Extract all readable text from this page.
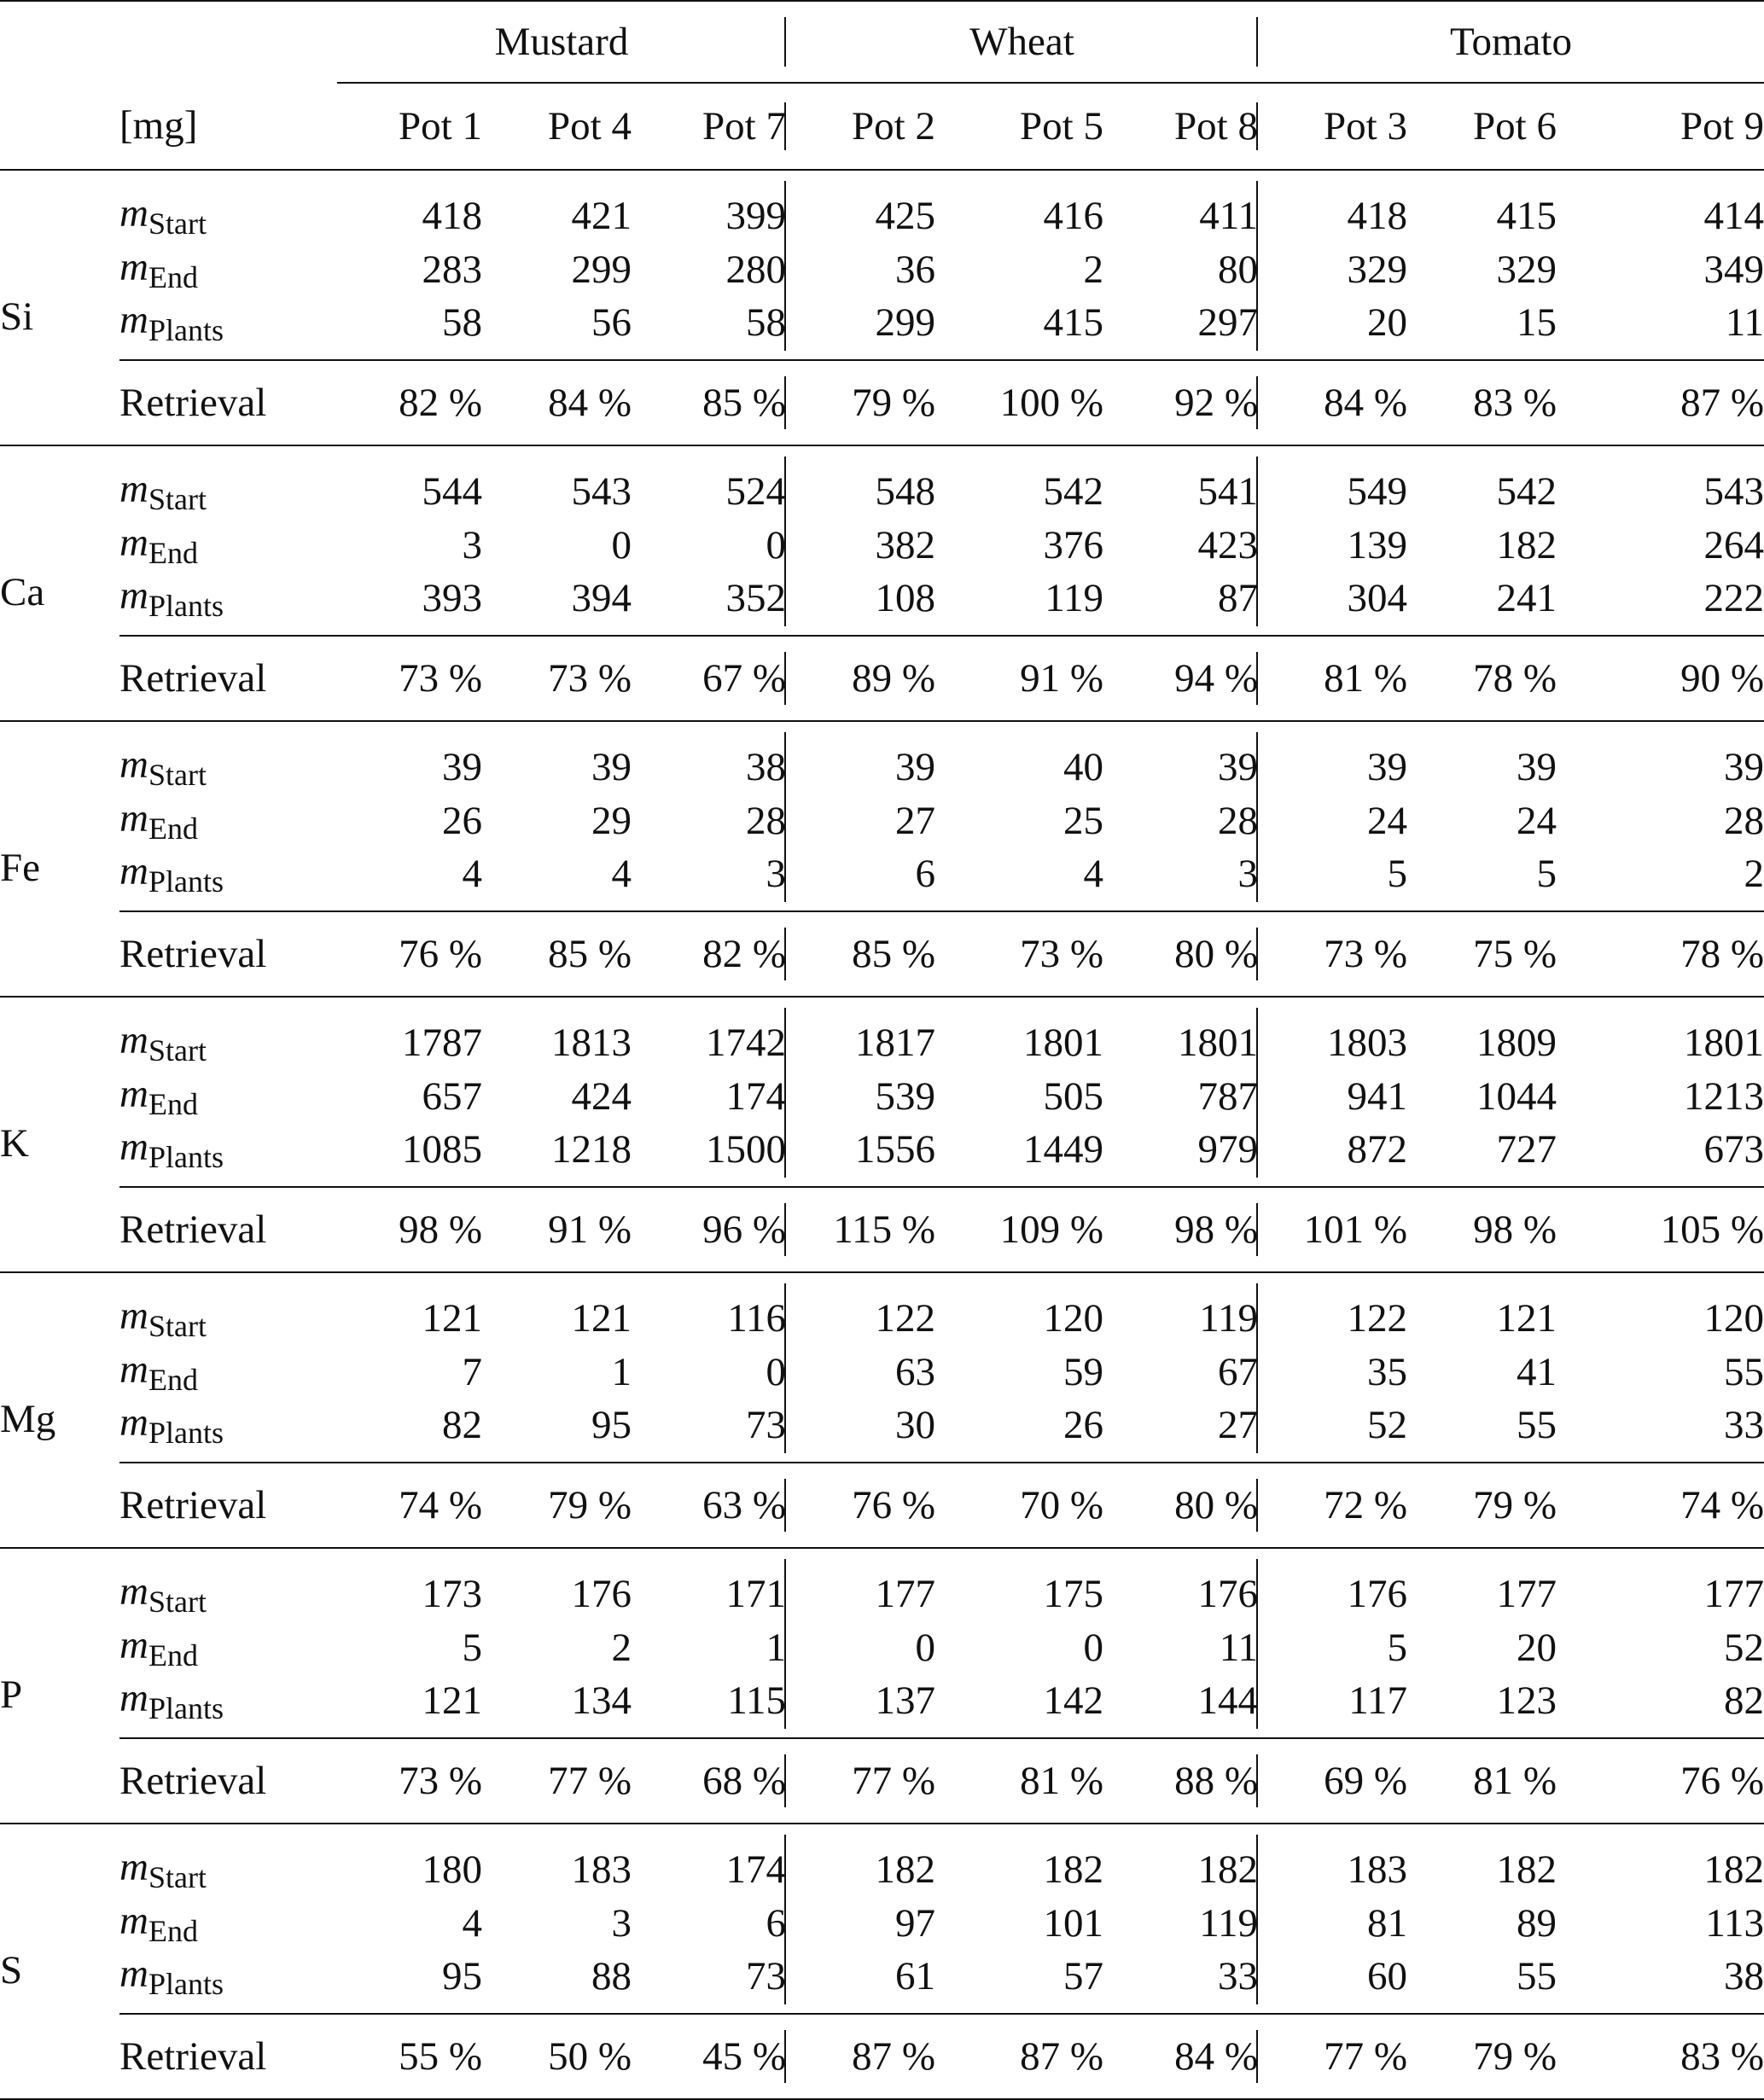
		Mustard			Wheat			Tomato		
	[mg]	Pot 1	Pot 4	Pot 7	Pot 2	Pot 5	Pot 8	Pot 3	Pot 6	Pot 9
Si	$m_{Start}$	418	421	399	425	416	411	418	415	414
	$m_{End}$	283	299	280	36	2	80	329	329	349
	$m_{Plants}$	58	56	58	299	415	297	20	15	11
	Retrieval	82 %	84 %	85 %	79 %	100 %	92 %	84 %	83 %	87 %
Ca	$m_{Start}$	544	543	524	548	542	541	549	542	543
	$m_{End}$	3	0	0	382	376	423	139	182	264
	$m_{Plants}$	393	394	352	108	119	87	304	241	222
	Retrieval	73 %	73 %	67 %	89 %	91 %	94 %	81 %	78 %	90 %
Fe	$m_{Start}$	39	39	38	39	40	39	39	39	39
	$m_{End}$	26	29	28	27	25	28	24	24	28
	$m_{Plants}$	4	4	3	6	4	3	5	5	2
	Retrieval	76 %	85 %	82 %	85 %	73 %	80 %	73 %	75 %	78 %
K	$m_{Start}$	1787	1813	1742	1817	1801	1801	1803	1809	1801
	$m_{End}$	657	424	174	539	505	787	941	1044	1213
	$m_{Plants}$	1085	1218	1500	1556	1449	979	872	727	673
	Retrieval	98 %	91 %	96 %	115 %	109 %	98 %	101 %	98 %	105 %
Mg	$m_{Start}$	121	121	116	122	120	119	122	121	120
	$m_{End}$	7	1	0	63	59	67	35	41	55
	$m_{Plants}$	82	95	73	30	26	27	52	55	33
	Retrieval	74 %	79 %	63 %	76 %	70 %	80 %	72 %	79 %	74 %
P	$m_{Start}$	173	176	171	177	175	176	176	177	177
	$m_{End}$	5	2	1	0	0	11	5	20	52
	$m_{Plants}$	121	134	115	137	142	144	117	123	82
	Retrieval	73 %	77 %	68 %	77 %	81 %	88 %	69 %	81 %	76 %
S	$m_{Start}$	180	183	174	182	182	182	183	182	182
	$m_{End}$	4	3	6	97	101	119	81	89	113
	$m_{Plants}$	95	88	73	61	57	33	60	55	38
	Retrieval	55 %	50 %	45 %	87 %	87 %	84 %	77 %	79 %	83 %
